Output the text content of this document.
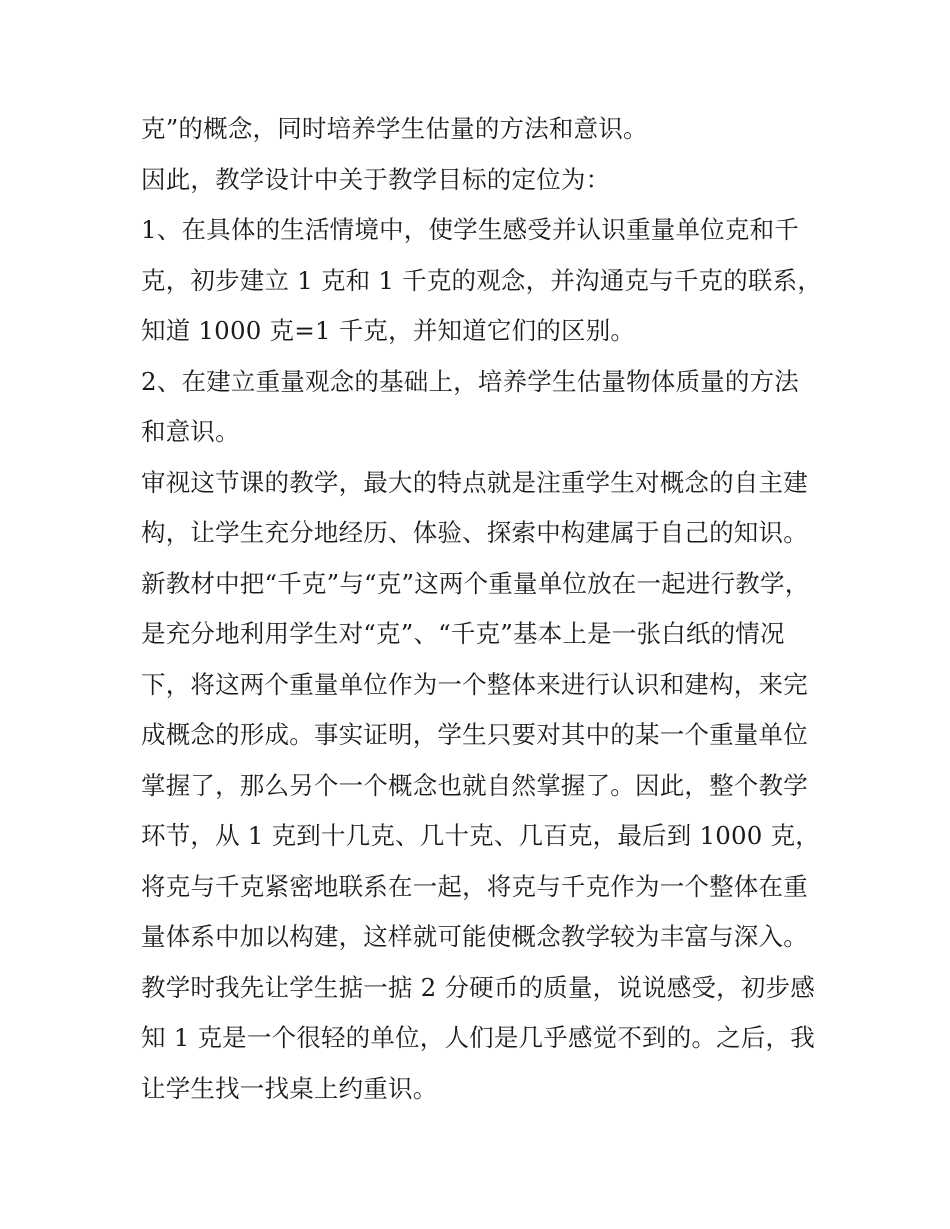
克”的概念，同时培养学生估量的方法和意识。
因此，教学设计中关于教学目标的定位为：
1、在具体的生活情境中，使学生感受并认识重量单位克和千
克，初步建立 1 克和 1 千克的观念，并沟通克与千克的联系，
知道 1000 克=1 千克，并知道它们的区别。
2、在建立重量观念的基础上，培养学生估量物体质量的方法
和意识。
审视这节课的教学，最大的特点就是注重学生对概念的自主建
构，让学生充分地经历、体验、探索中构建属于自己的知识。
新教材中把“千克”与“克”这两个重量单位放在一起进行教学，
是充分地利用学生对“克”、“千克”基本上是一张白纸的情况
下，将这两个重量单位作为一个整体来进行认识和建构，来完
成概念的形成。事实证明，学生只要对其中的某一个重量单位
掌握了，那么另个一个概念也就自然掌握了。因此，整个教学
环节，从 1 克到十几克、几十克、几百克，最后到 1000 克，
将克与千克紧密地联系在一起，将克与千克作为一个整体在重
量体系中加以构建，这样就可能使概念教学较为丰富与深入。
教学时我先让学生掂一掂 2 分硬币的质量，说说感受，初步感
知 1 克是一个很轻的单位，人们是几乎感觉不到的。之后，我
让学生找一找桌上约重识。
